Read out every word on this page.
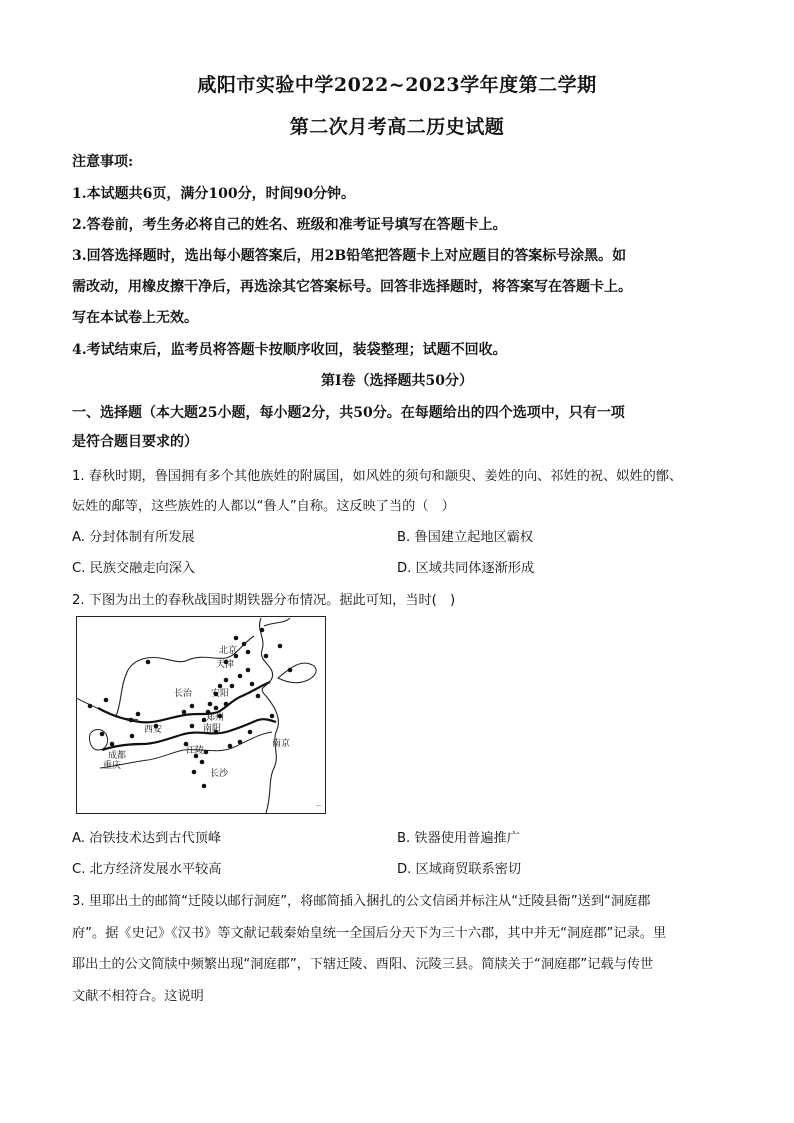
咸阳市实验中学2022~2023学年度第二学期
第二次月考高二历史试题
注意事项:
1.本试题共6页，满分100分，时间90分钟。
2.答卷前，考生务必将自己的姓名、班级和准考证号填写在答题卡上。
3.回答选择题时，选出每小题答案后，用2B铅笔把答题卡上对应题目的答案标号涂黑。如
需改动，用橡皮擦干净后，再选涂其它答案标号。回答非选择题时，将答案写在答题卡上。
写在本试卷上无效。
4.考试结束后，监考员将答题卡按顺序收回，装袋整理；试题不回收。
第Ⅰ卷（选择题共50分）
一、选择题（本大题25小题，每小题2分，共50分。在每题给出的四个选项中，只有一项
是符合题目要求的）
1. 春秋时期，鲁国拥有多个其他族姓的附属国，如风姓的须句和颛臾、姜姓的向、祁姓的祝、姒姓的鄫、
妘姓的鄅等，这些族姓的人都以“鲁人”自称。这反映了当的（　）
A. 分封体制有所发展	B. 鲁国建立起地区霸权
C. 民族交融走向深入	D. 区域共同体逐渐形成
2. 下图为出土的春秋战国时期铁器分布情况。据此可知，当时(　)
北京
天津
长治 安阳
郑州
南阳
西安
成都
重庆
江陵
长沙
南京
⌐
A. 冶铁技术达到古代顶峰	B. 铁器使用普遍推广
C. 北方经济发展水平较高	D. 区域商贸联系密切
3. 里耶出土的邮简“迁陵以邮行洞庭”，将邮简插入捆扎的公文信函并标注从“迁陵县衙”送到“洞庭郡
府”。据《史记》《汉书》等文献记载秦始皇统一全国后分天下为三十六郡，其中并无“洞庭郡”记录。里
耶出土的公文简牍中频繁出现“洞庭郡”，下辖迁陵、酉阳、沅陵三县。简牍关于“洞庭郡”记载与传世
文献不相符合。这说明
